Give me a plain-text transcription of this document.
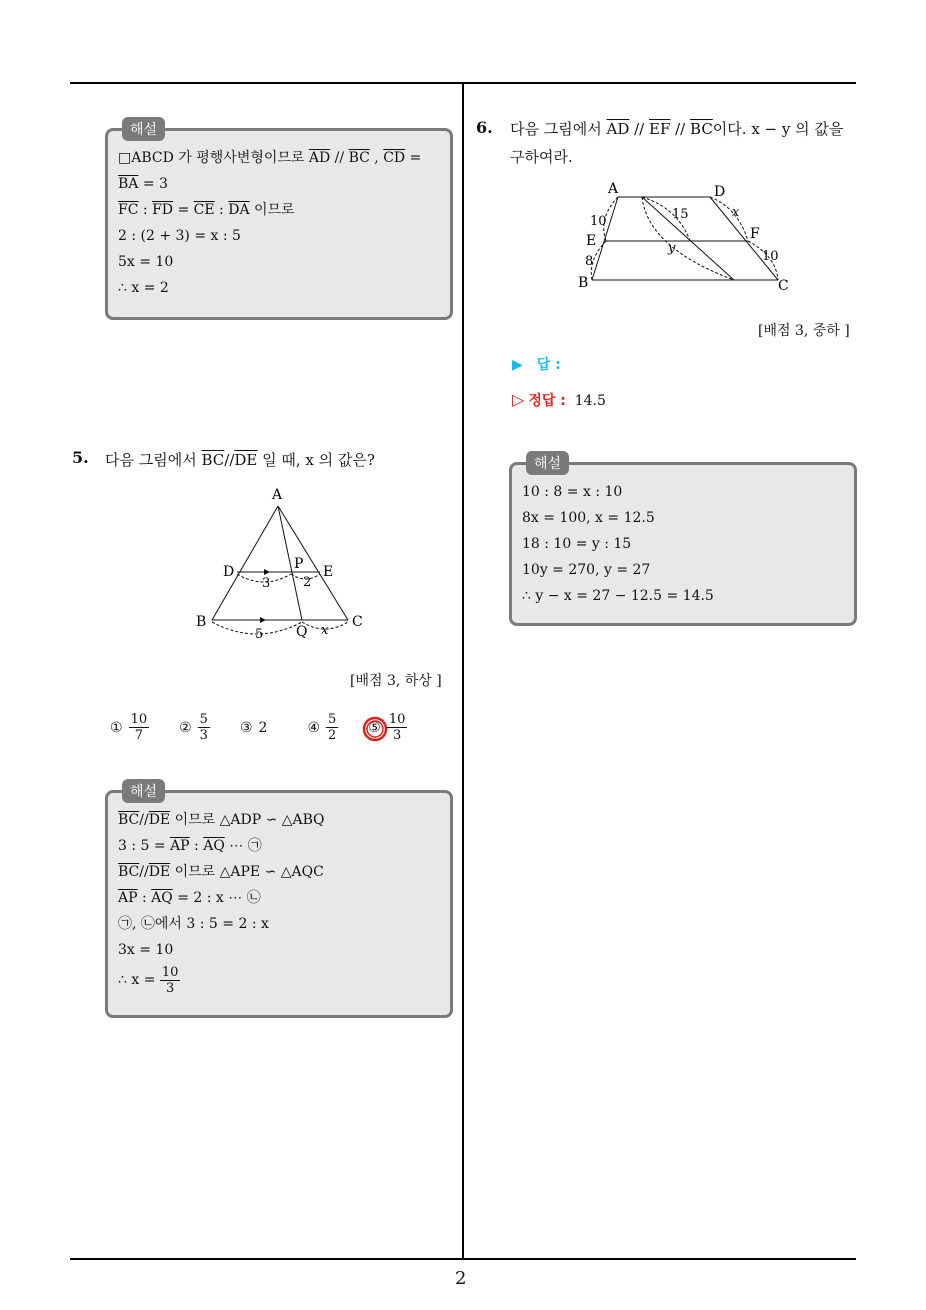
해설
□ABCD 가 평행사변형이므로 $\overline{AD} // \overline{BC}$ , $\overline{CD}$ =
$\overline{BA} = 3$
$\overline{FC}$ : $\overline{FD} = \overline{CE}$ : $\overline{DA}$ 이므로
2 : (2 + 3) = x : 5
5x = 10
∴ x = 2
5. 다음 그림에서 $\overline{BC}//\overline{DE}$ 일 때, x 의 값은?
A
D	P E
B
Q
C
3	2
5	x
[배점 3, 하상 ]
① $\frac{10}{7}$ ② $\frac{5}{3}$ ③ 2	④ $\frac{5}{2}$ ⑤ $\frac{10}{3}$
해설
$\overline{BC}//\overline{DE}$ 이므로 △ADP ∽ △ABQ
3 : $5 = \overline{AP}$ : $\overline{AQ}$ ⋯ ㉠
$\overline{BC}//\overline{DE}$ 이므로 △APE ∽ △AQC
$\overline{AP}$ : $\overline{AQ} = 2$ : x ⋯ ㉡
㉠, ㉡에서 3 : 5 = 2 : x
3x = 10
∴ $x = \frac{10}{3}$
6. 다음 그림에서 $\overline{AD} // \overline{EF} // \overline{BC}$이다. x − y 의 값을
구하여라.
A	D
E	F
B	C
10
8
15	x
y
10
[배점 3, 중하 ]
▶ 답 :
▷ 정답 : 14.5
해설
10 : 8 = x : 10
8x = 100, x = 12.5
18 : 10 = y : 15
10y = 270, y = 27
∴ y − x = 27 − 12.5 = 14.5
2
